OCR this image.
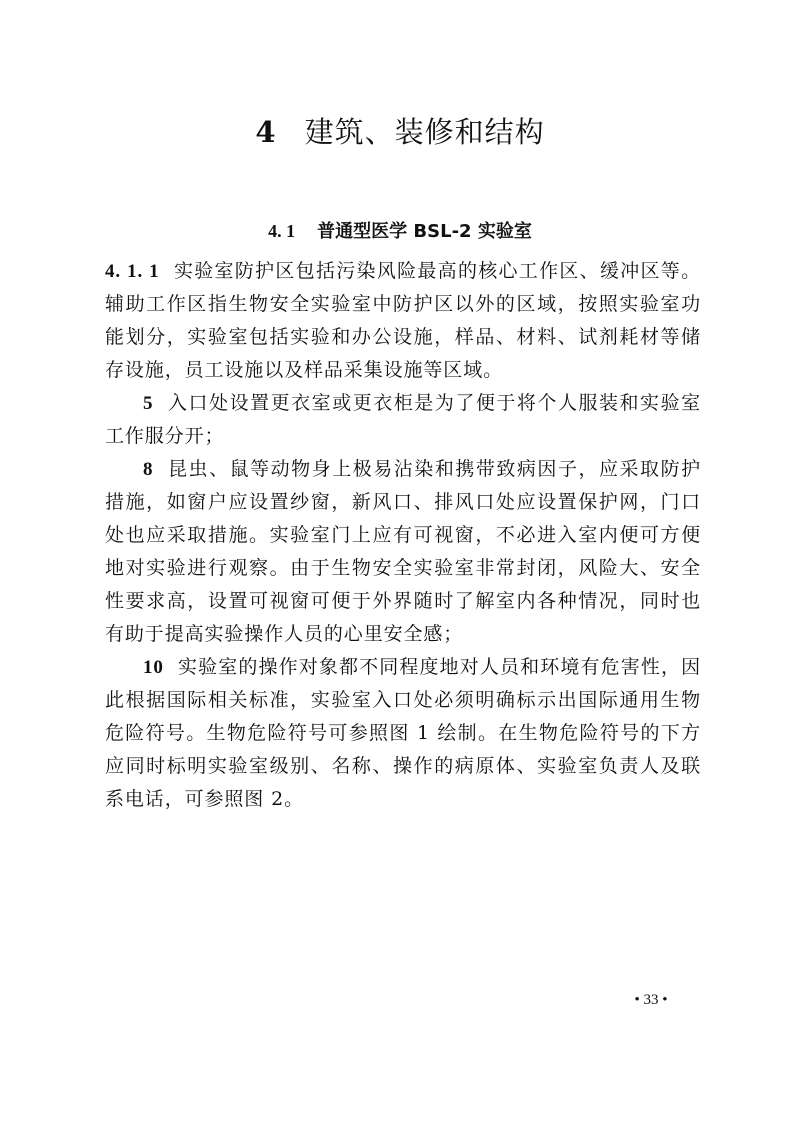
4 建筑、装修和结构
4. 1 普通型医学 BSL-2 实验室

4. 1. 1 实验室防护区包括污染风险最高的核心工作区、缓冲区等。辅助工作区指生物安全实验室中防护区以外的区域，按照实验室功能划分，实验室包括实验和办公设施，样品、材料、试剂耗材等储存设施，员工设施以及样品采集设施等区域。

5 入口处设置更衣室或更衣柜是为了便于将个人服装和实验室工作服分开；

8 昆虫、鼠等动物身上极易沾染和携带致病因子，应采取防护措施，如窗户应设置纱窗，新风口、排风口处应设置保护网，门口处也应采取措施。实验室门上应有可视窗，不必进入室内便可方便地对实验进行观察。由于生物安全实验室非常封闭，风险大、安全性要求高，设置可视窗可便于外界随时了解室内各种情况，同时也有助于提高实验操作人员的心里安全感；

10 实验室的操作对象都不同程度地对人员和环境有危害性，因此根据国际相关标准，实验室入口处必须明确标示出国际通用生物危险符号。生物危险符号可参照图 1 绘制。在生物危险符号的下方应同时标明实验室级别、名称、操作的病原体、实验室负责人及联系电话，可参照图 2。

• 33 •
